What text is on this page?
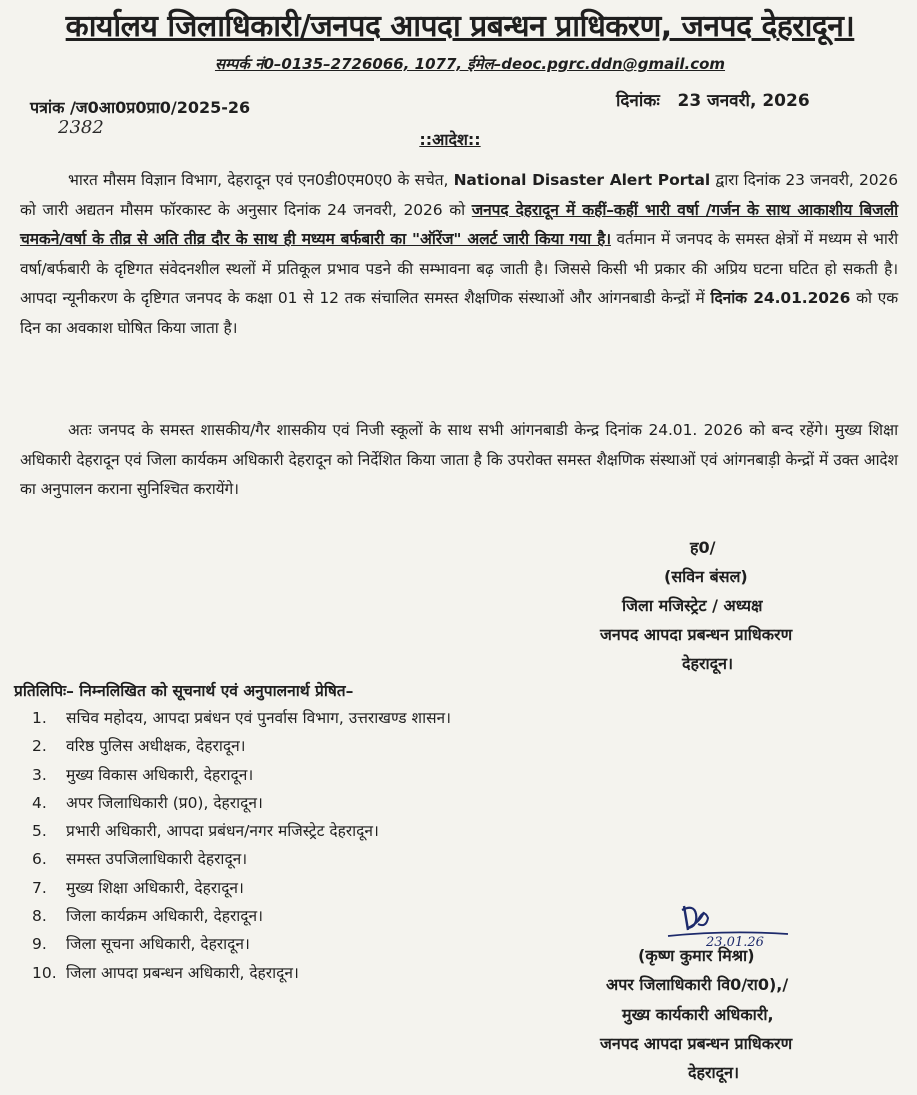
कार्यालय जिलाधिकारी/जनपद आपदा प्रबन्धन प्राधिकरण, जनपद देहरादून।
सम्पर्क नं0–0135–2726066, 1077, ईमेल–deoc.pgrc.ddn@gmail.com
पत्रांक /ज0आ0प्र0प्रा0/2025-26
2382
दिनांकः 23 जनवरी, 2026
::आदेश::
भारत मौसम विज्ञान विभाग, देहरादून एवं एन0डी0एम0ए0 के सचेत, National Disaster Alert Portal द्वारा दिनांक 23 जनवरी, 2026 को जारी अद्यतन मौसम फॉरकास्ट के अनुसार दिनांक 24 जनवरी, 2026 को जनपद देहरादून में कहीं–कहीं भारी वर्षा /गर्जन के साथ आकाशीय बिजली चमकने/वर्षा के तीव्र से अति तीव्र दौर के साथ ही मध्यम बर्फबारी का "ऑरेंज" अलर्ट जारी किया गया है। वर्तमान में जनपद के समस्त क्षेत्रों में मध्यम से भारी वर्षा/बर्फबारी के दृष्टिगत संवेदनशील स्थलों में प्रतिकूल प्रभाव पडने की सम्भावना बढ़ जाती है। जिससे किसी भी प्रकार की अप्रिय घटना घटित हो सकती है। आपदा न्यूनीकरण के दृष्टिगत जनपद के कक्षा 01 से 12 तक संचालित समस्त शैक्षणिक संस्थाओं और आंगनबाडी केन्द्रों में दिनांक 24.01.2026 को एक दिन का अवकाश घोषित किया जाता है।
अतः जनपद के समस्त शासकीय/गैर शासकीय एवं निजी स्कूलों के साथ सभी आंगनबाडी केन्द्र दिनांक 24.01. 2026 को बन्द रहेंगे। मुख्य शिक्षा अधिकारी देहरादून एवं जिला कार्यकम अधिकारी देहरादून को निर्देशित किया जाता है कि उपरोक्त समस्त शैक्षणिक संस्थाओं एवं आंगनबाड़ी केन्द्रों में उक्त आदेश का अनुपालन कराना सुनिश्चित करायेंगे।
ह0/
(सविन बंसल)
जिला मजिस्ट्रेट / अध्यक्ष
जनपद आपदा प्रबन्धन प्राधिकरण
देहरादून।
प्रतिलिपिः– निम्नलिखित को सूचनार्थ एवं अनुपालनार्थ प्रेषित–
1. सचिव महोदय, आपदा प्रबंधन एवं पुनर्वास विभाग, उत्तराखण्ड शासन।
2. वरिष्ठ पुलिस अधीक्षक, देहरादून।
3. मुख्य विकास अधिकारी, देहरादून।
4. अपर जिलाधिकारी (प्र0), देहरादून।
5. प्रभारी अधिकारी, आपदा प्रबंधन/नगर मजिस्ट्रेट देहरादून।
6. समस्त उपजिलाधिकारी देहरादून।
7. मुख्य शिक्षा अधिकारी, देहरादून।
8. जिला कार्यक्रम अधिकारी, देहरादून।
9. जिला सूचना अधिकारी, देहरादून।
10. जिला आपदा प्रबन्धन अधिकारी, देहरादून।
23.01.26
(कृष्ण कुमार मिश्रा)
अपर जिलाधिकारी वि0/रा0),/
मुख्य कार्यकारी अधिकारी,
जनपद आपदा प्रबन्धन प्राधिकरण
देहरादून।
